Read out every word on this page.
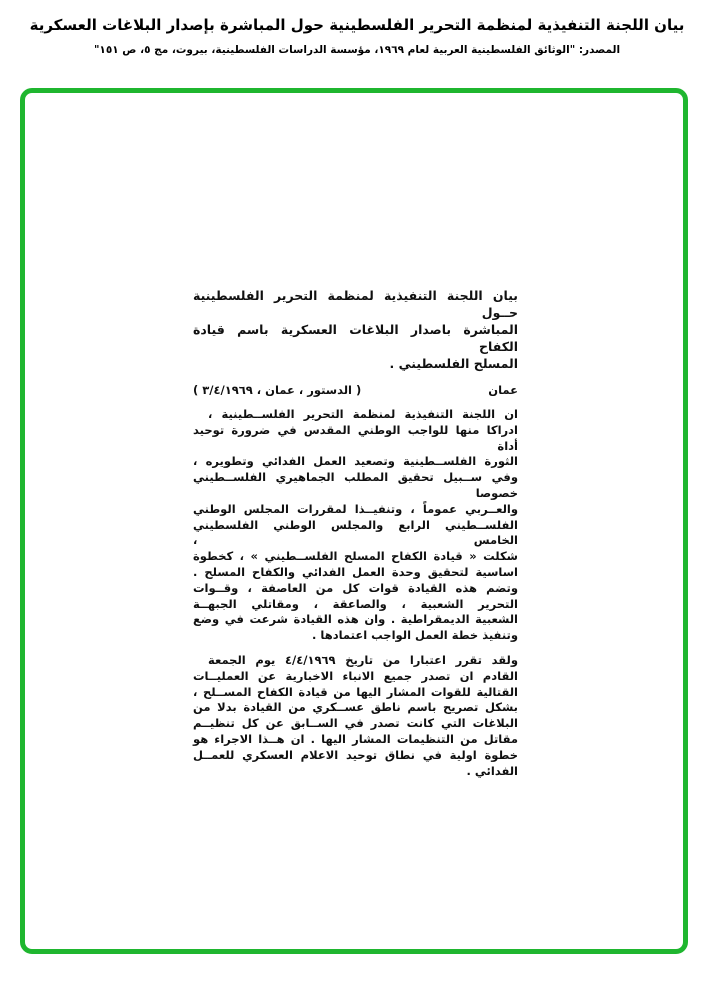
بيان اللجنة التنفيذية لمنظمة التحرير الفلسطينية حول المباشرة بإصدار البلاغات العسكرية
المصدر: "الوثائق الفلسطينية العربية لعام ١٩٦٩، مؤسسة الدراسات الفلسطينية، بيروت، مج ٥، ص ١٥١"
بيان اللجنة التنفيذية لمنظمة التحرير الفلسطينية حــول
المباشرة باصدار البلاغات العسكرية باسم قيادة الكفاح
المسلح الفلسطيني .
عمان
( الدستور ، عمان ، ٣/٤/١٩٦٩ )
ان اللجنة التنفيذية لمنظمة التحرير الفلســطينية ،
ادراكا منها للواجب الوطني المقدس في ضرورة توحيد أداة
الثورة الفلســطينية وتصعيد العمل الفدائي وتطويره ،
وفي ســبيل تحقيق المطلب الجماهيري الفلســطيني خصوصا
والعــربي عموماً ، وتنفيــذا لمقررات المجلس الوطني
الفلســطيني الرابع والمجلس الوطني الفلسطيني الخامس ،
شكلت « قيادة الكفاح المسلح الفلســطيني » ، كخطوة
اساسية لتحقيق وحدة العمل الفدائي والكفاح المسلح .
وتضم هذه القيادة قوات كل من العاصفة ، وقــوات
التحرير الشعبية ، والصاعقة ، ومقاتلي الجبهــة
الشعبية الديمقراطية . وان هذه القيادة شرعت في وضع
وتنفيذ خطة العمل الواجب اعتمادها .
ولقد تقرر اعتبارا من تاريخ ٤/٤/١٩٦٩ يوم الجمعة
القادم ان تصدر جميع الانباء الاخبارية عن العمليــات
القتالية للقوات المشار اليها من قيادة الكفاح المســلح ،
بشكل تصريح باسم ناطق عســكري من القيادة بدلا من
البلاغات التي كانت تصدر في الســابق عن كل تنظيــم
مقاتل من التنظيمات المشار اليها . ان هــذا الاجراء هو
خطوة اولية في نطاق توحيد الاعلام العسكري للعمــل
الفدائي .
